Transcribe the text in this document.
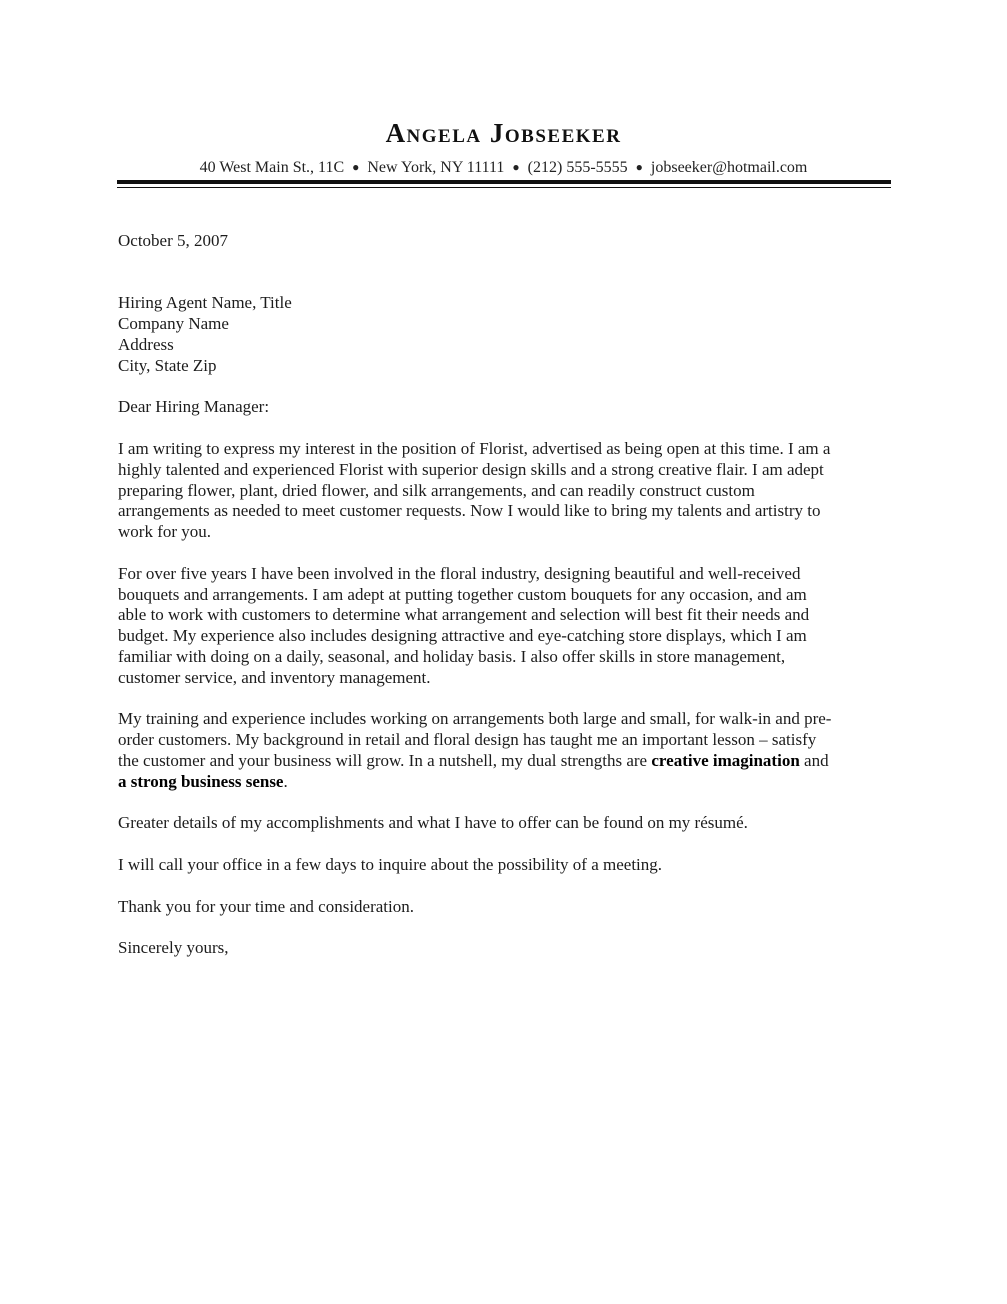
Angela Jobseeker
40 West Main St., 11C ● New York, NY 11111 ● (212) 555-5555 ● jobseeker@hotmail.com
October 5, 2007
Hiring Agent Name, Title
Company Name
Address
City, State Zip
Dear Hiring Manager:
I am writing to express my interest in the position of Florist, advertised as being open at this time. I am a
highly talented and experienced Florist with superior design skills and a strong creative flair. I am adept
preparing flower, plant, dried flower, and silk arrangements, and can readily construct custom
arrangements as needed to meet customer requests. Now I would like to bring my talents and artistry to
work for you.
For over five years I have been involved in the floral industry, designing beautiful and well-received
bouquets and arrangements. I am adept at putting together custom bouquets for any occasion, and am
able to work with customers to determine what arrangement and selection will best fit their needs and
budget. My experience also includes designing attractive and eye-catching store displays, which I am
familiar with doing on a daily, seasonal, and holiday basis. I also offer skills in store management,
customer service, and inventory management.
My training and experience includes working on arrangements both large and small, for walk-in and pre-
order customers. My background in retail and floral design has taught me an important lesson – satisfy
the customer and your business will grow. In a nutshell, my dual strengths are creative imagination and
a strong business sense.
Greater details of my accomplishments and what I have to offer can be found on my résumé.
I will call your office in a few days to inquire about the possibility of a meeting.
Thank you for your time and consideration.
Sincerely yours,
